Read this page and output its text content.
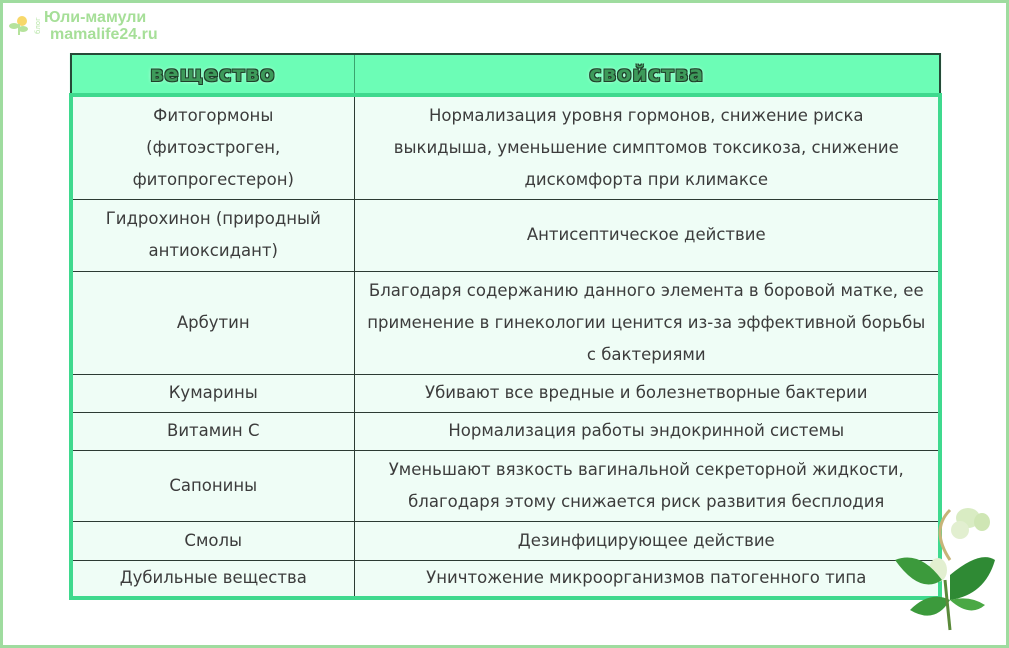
блог Юли-мамули
mamalife24.ru
вещество	свойства
Фитогормоны (фитоэстроген, фитопрогестерон)	Нормализация уровня гормонов, снижение риска выкидыша, уменьшение симптомов токсикоза, снижение дискомфорта при климаксе
Гидрохинон (природный антиоксидант)	Антисептическое действие
Арбутин	Благодаря содержанию данного элемента в боровой матке, ее применение в гинекологии ценится из-за эффективной борьбы с бактериями
Кумарины	Убивают все вредные и болезнетворные бактерии
Витамин С	Нормализация работы эндокринной системы
Сапонины	Уменьшают вязкость вагинальной секреторной жидкости, благодаря этому снижается риск развития бесплодия
Смолы	Дезинфицирующее действие
Дубильные вещества	Уничтожение микроорганизмов патогенного типа
